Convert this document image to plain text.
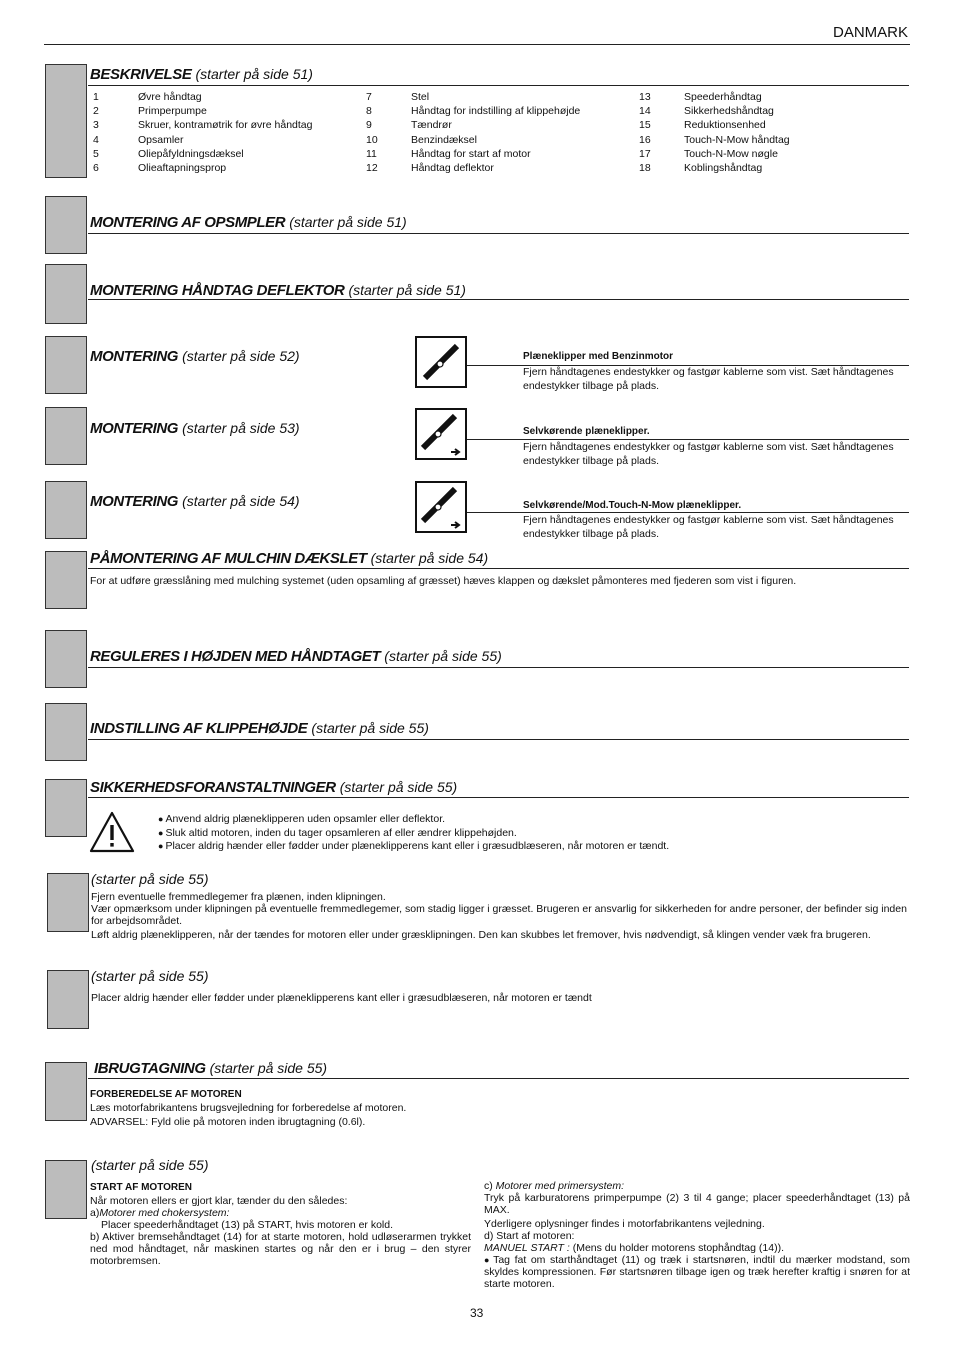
DANMARK
BESKRIVELSE (starter på side 51)
1	Øvre håndtag	7	Stel	13	Speederhåndtag
2	Primperpumpe	8	Håndtag for indstilling af klippehøjde	14	Sikkerhedshåndtag
3	Skruer, kontramøtrik for øvre håndtag	9	Tændrør	15	Reduktionsenhed
4	Opsamler	10	Benzindæksel	16	Touch-N-Mow håndtag
5	Oliepåfyldningsdæksel	11	Håndtag for start af motor	17	Touch-N-Mow nøgle
6	Olieaftapningsprop	12	Håndtag deflektor	18	Koblingshåndtag
MONTERING AF OPSMPLER (starter på side 51)
MONTERING HÅNDTAG DEFLEKTOR (starter på side 51)
MONTERING (starter på side 52)	Plæneklipper med Benzinmotor
Fjern håndtagenes endestykker og fastgør kablerne som vist. Sæt håndtagenes endestykker tilbage på plads.
MONTERING (starter på side 53)	Selvkørende plæneklipper.
Fjern håndtagenes endestykker og fastgør kablerne som vist. Sæt håndtagenes endestykker tilbage på plads.
MONTERING (starter på side 54)	Selvkørende/Mod.Touch-N-Mow plæneklipper.
Fjern håndtagenes endestykker og fastgør kablerne som vist. Sæt håndtagenes endestykker tilbage på plads.
PÅMONTERING AF MULCHIN DÆKSLET (starter på side 54)
For at udføre græsslåning med mulching systemet (uden opsamling af græsset) hæves klappen og dækslet påmonteres med fjederen som vist i figuren.
REGULERES I HØJDEN MED HÅNDTAGET (starter på side 55)
INDSTILLING AF KLIPPEHØJDE (starter på side 55)
SIKKERHEDSFORANSTALTNINGER (starter på side 55)
● Anvend aldrig plæneklipperen uden opsamler eller deflektor.
● Sluk altid motoren, inden du tager opsamleren af eller ændrer klippehøjden.
● Placer aldrig hænder eller fødder under plæneklipperens kant eller i græsudblæseren, når motoren er tændt.
(starter på side 55)
Fjern eventuelle fremmedlegemer fra plænen, inden klipningen.
Vær opmærksom under klipningen på eventuelle fremmedlegemer, som stadig ligger i græsset. Brugeren er ansvarlig for sikkerheden for andre personer, der befinder sig inden for arbejdsområdet.
Løft aldrig plæneklipperen, når der tændes for motoren eller under græsklipningen. Den kan skubbes let fremover, hvis nødvendigt, så klingen vender væk fra brugeren.
(starter på side 55)
Placer aldrig hænder eller fødder under plæneklipperens kant eller i græsudblæseren, når motoren er tændt
IBRUGTAGNING (starter på side 55)
FORBEREDELSE AF MOTOREN
Læs motorfabrikantens brugsvejledning for forberedelse af motoren.
ADVARSEL: Fyld olie på motoren inden ibrugtagning (0.6l).
(starter på side 55)
START AF MOTOREN
Når motoren ellers er gjort klar, tænder du den således:
a)Motorer med chokersystem:
Placer speederhåndtaget (13) på START, hvis motoren er kold.
b) Aktiver bremsehåndtaget (14) for at starte motoren, hold udløserarmen trykket ned mod håndtaget, når maskinen startes og når den er i brug – den styrer motorbremsen.
c) Motorer med primersystem:
Tryk på karburatorens primperpumpe (2) 3 til 4 gange; placer speederhåndtaget (13) på MAX.
Yderligere oplysninger findes i motorfabrikantens vejledning.
d) Start af motoren:
MANUEL START : (Mens du holder motorens stophåndtag (14)).
● Tag fat om starthåndtaget (11) og træk i startsnøren, indtil du mærker modstand, som skyldes kompressionen. Før startsnøren tilbage igen og træk herefter kraftig i snøren for at starte motoren.
33
